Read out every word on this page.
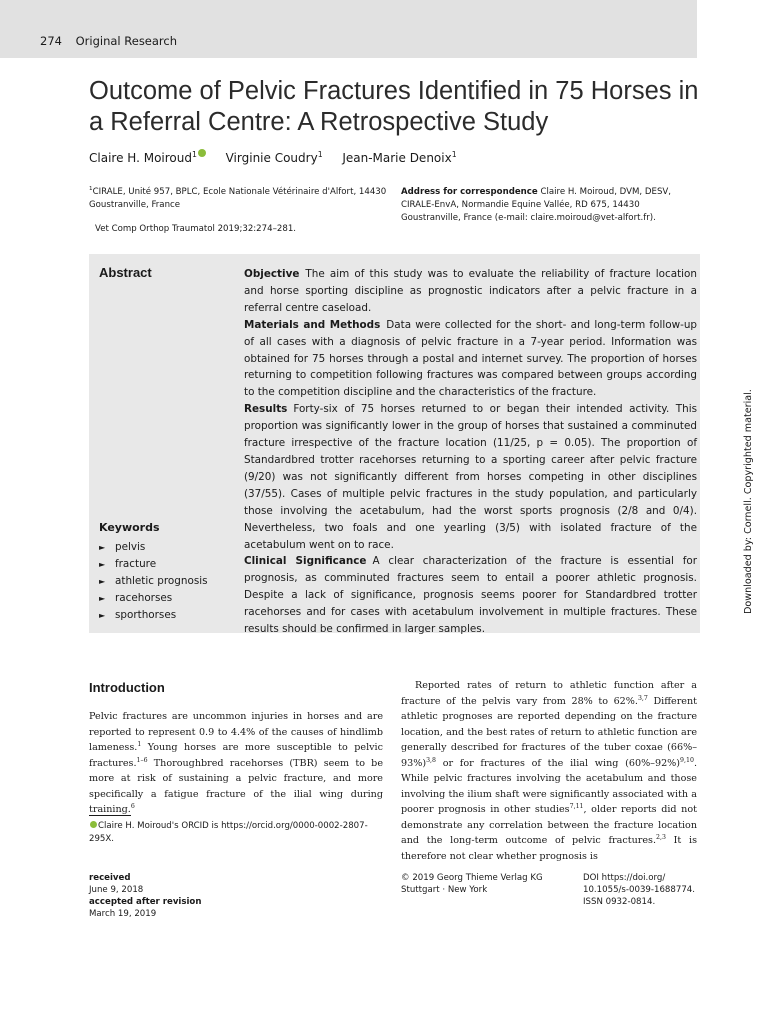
274 Original Research
Outcome of Pelvic Fractures Identified in 75 Horses in a Referral Centre: A Retrospective Study
Claire H. Moiroud$^1$ Virginie Coudry$^1$ Jean-Marie Denoix$^1$
$^1$CIRALE, Unité 957, BPLC, Ecole Nationale Vétérinaire d'Alfort, 14430 Goustranville, France
Address for correspondence Claire H. Moiroud, DVM, DESV, CIRALE-EnvA, Normandie Equine Vallée, RD 675, 14430 Goustranville, France (e-mail: claire.moiroud@vet-alfort.fr).
Vet Comp Orthop Traumatol 2019;32:274–281.
Abstract	Objective The aim of this study was to evaluate the reliability of fracture location and horse sporting discipline as prognostic indicators after a pelvic fracture in a referral centre caseload.

Materials and Methods Data were collected for the short- and long-term follow-up of all cases with a diagnosis of pelvic fracture in a 7-year period. Information was obtained for 75 horses through a postal and internet survey. The proportion of horses returning to competition following fractures was compared between groups according to the competition discipline and the characteristics of the fracture.

Results Forty-six of 75 horses returned to or began their intended activity. This proportion was significantly lower in the group of horses that sustained a comminuted fracture irrespective of the fracture location (11/25, p = 0.05). The proportion of Standardbred trotter racehorses returning to a sporting career after pelvic fracture (9/20) was not significantly different from horses competing in other disciplines (37/55). Cases of multiple pelvic fractures in the study population, and particularly those involving the acetabulum, had the worst sports prognosis (2/8 and 0/4). Nevertheless, two foals and one yearling (3/5) with isolated fracture of the acetabulum went on to race.

Clinical Significance A clear characterization of the fracture is essential for prognosis, as comminuted fractures seem to entail a poorer athletic prognosis. Despite a lack of significance, prognosis seems poorer for Standardbred trotter racehorses and for cases with acetabulum involvement in multiple fractures. These results should be confirmed in larger samples.

Keywords
► pelvis
► fracture
► athletic prognosis
► racehorses
► sporthorses
Downloaded by: Cornell. Copyrighted material.
Introduction
Pelvic fractures are uncommon injuries in horses and are reported to represent 0.9 to 4.4% of the causes of hindlimb lameness.$^1$ Young horses are more susceptible to pelvic fractures.$^{1-6}$ Thoroughbred racehorses (TBR) seem to be more at risk of sustaining a pelvic fracture, and more specifically a fatigue fracture of the ilial wing during training.$^6$

Reported rates of return to athletic function after a fracture of the pelvis vary from 28% to 62%.$^{3,7}$ Different athletic prognoses are reported depending on the fracture location, and the best rates of return to athletic function are generally described for fractures of the tuber coxae $(66\%-93\%)^{3,8}$ or for fractures of the ilial wing $(60\%-92\%)^{9,10}$. While pelvic fractures involving the acetabulum and those involving the ilium shaft were significantly associated with a poorer prognosis in other studies$^{7,11}$, older reports did not demonstrate any correlation between the fracture location and the long-term outcome of pelvic fractures.$^{2,3}$ It is therefore not clear whether prognosis is

Claire H. Moiroud's ORCID is https://orcid.org/0000-0002-2807-295X.
received
June 9, 2018
accepted after revision
March 19, 2019
© 2019 Georg Thieme Verlag KG
Stuttgart · New York
DOI https://doi.org/
10.1055/s-0039-1688774.
ISSN 0932-0814.
